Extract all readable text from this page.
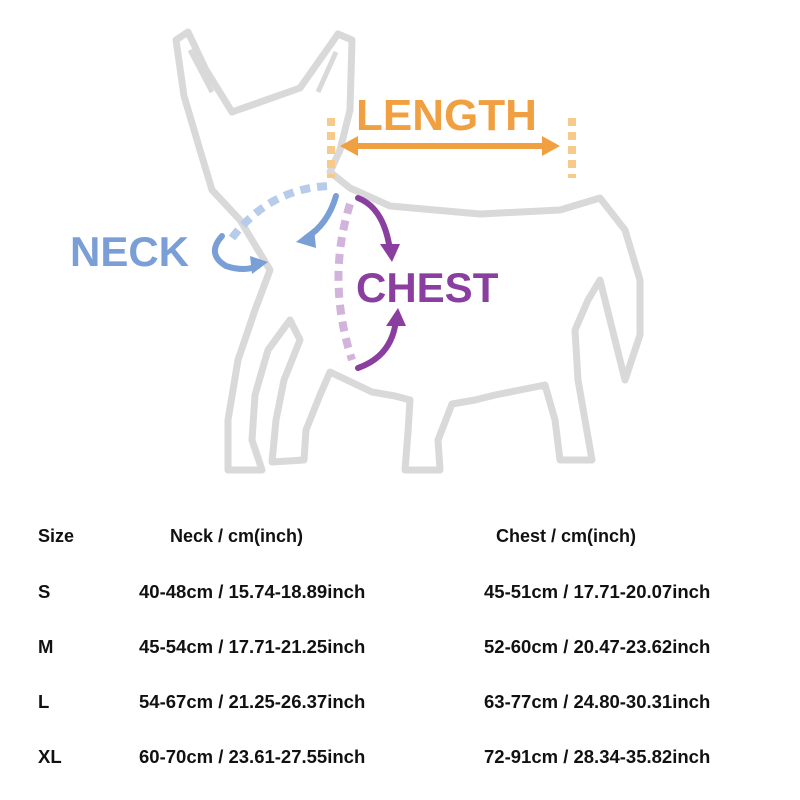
LENGTH
NECK
CHEST
Size	Neck / cm(inch)	Chest / cm(inch)
S	40-48cm / 15.74-18.89inch	45-51cm / 17.71-20.07inch
M	45-54cm / 17.71-21.25inch	52-60cm / 20.47-23.62inch
L	54-67cm / 21.25-26.37inch	63-77cm / 24.80-30.31inch
XL	60-70cm / 23.61-27.55inch	72-91cm / 28.34-35.82inch
